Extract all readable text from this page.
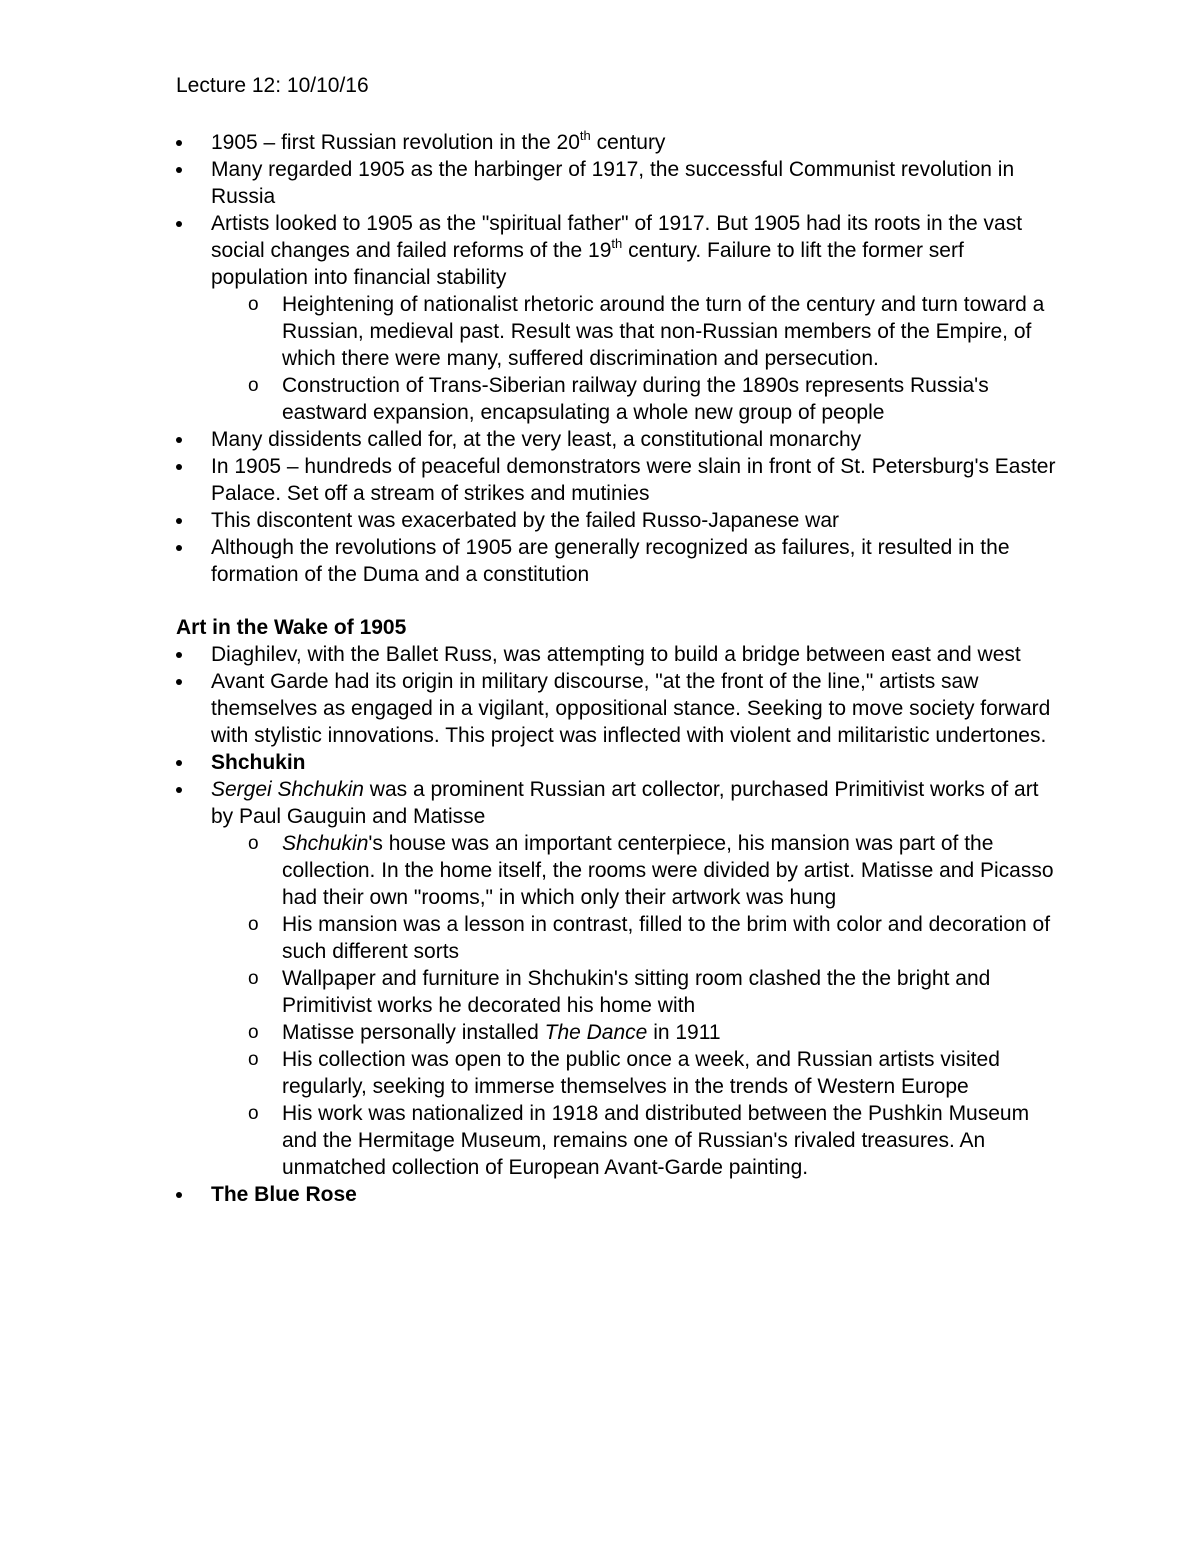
Lecture 12: 10/10/16
1905 – first Russian revolution in the 20th century
Many regarded 1905 as the harbinger of 1917, the successful Communist revolution in Russia
Artists looked to 1905 as the "spiritual father" of 1917. But 1905 had its roots in the vast social changes and failed reforms of the 19th century. Failure to lift the former serf population into financial stability
o Heightening of nationalist rhetoric around the turn of the century and turn toward a Russian, medieval past. Result was that non-Russian members of the Empire, of which there were many, suffered discrimination and persecution.
o Construction of Trans-Siberian railway during the 1890s represents Russia's eastward expansion, encapsulating a whole new group of people
Many dissidents called for, at the very least, a constitutional monarchy
In 1905 – hundreds of peaceful demonstrators were slain in front of St. Petersburg's Easter Palace. Set off a stream of strikes and mutinies
This discontent was exacerbated by the failed Russo-Japanese war
Although the revolutions of 1905 are generally recognized as failures, it resulted in the formation of the Duma and a constitution
Art in the Wake of 1905
Diaghilev, with the Ballet Russ, was attempting to build a bridge between east and west
Avant Garde had its origin in military discourse, "at the front of the line," artists saw themselves as engaged in a vigilant, oppositional stance. Seeking to move society forward with stylistic innovations. This project was inflected with violent and militaristic undertones.
Shchukin
Sergei Shchukin was a prominent Russian art collector, purchased Primitivist works of art by Paul Gauguin and Matisse
o Shchukin's house was an important centerpiece, his mansion was part of the collection. In the home itself, the rooms were divided by artist. Matisse and Picasso had their own "rooms," in which only their artwork was hung
o His mansion was a lesson in contrast, filled to the brim with color and decoration of such different sorts
o Wallpaper and furniture in Shchukin's sitting room clashed the the bright and Primitivist works he decorated his home with
o Matisse personally installed The Dance in 1911
o His collection was open to the public once a week, and Russian artists visited regularly, seeking to immerse themselves in the trends of Western Europe
o His work was nationalized in 1918 and distributed between the Pushkin Museum and the Hermitage Museum, remains one of Russian's rivaled treasures. An unmatched collection of European Avant-Garde painting.
The Blue Rose
